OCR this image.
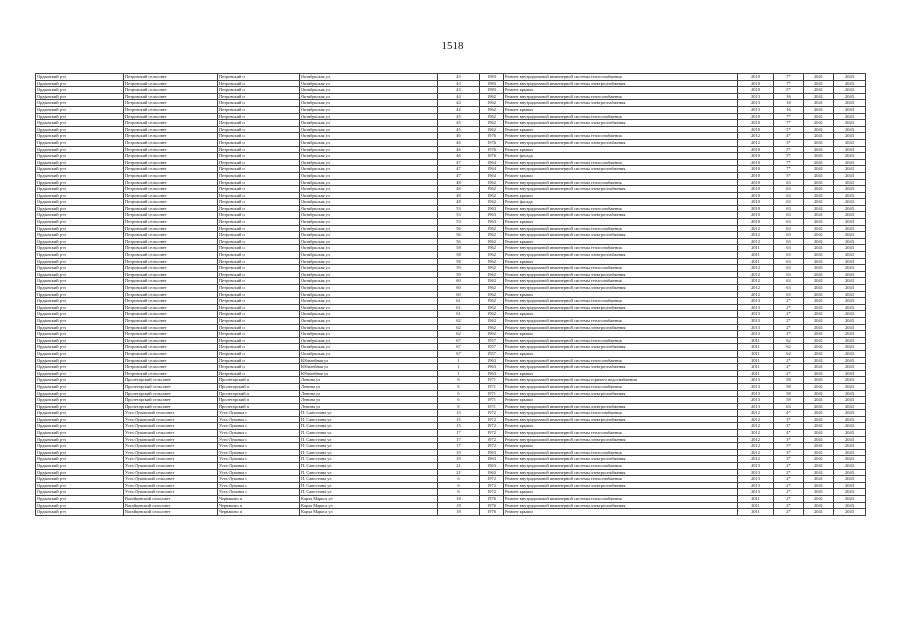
1518
Ордынский р-н	Петровский сельсовет	Петровский п	Октябрьская ул	43	1983	Ремонт внутридомовой инженерной системы теплоснабжения	2010	7*	2041	2043
Ордынский р-н	Петровский сельсовет	Петровский п	Октябрьская ул	43	1983	Ремонт внутридомовой инженерной системы электроснабжения	2010	7*	2041	2043
Ордынский р-н	Петровский сельсовет	Петровский п	Октябрьская ул	43	1983	Ремонт крыши	2010	5*	2041	2043
Ордынский р-н	Петровский сельсовет	Петровский п	Октябрьская ул	44	1962	Ремонт внутридомовой инженерной системы теплоснабжения	2013	16	2041	2043
Ордынский р-н	Петровский сельсовет	Петровский п	Октябрьская ул	44	1962	Ремонт внутридомовой инженерной системы электроснабжения	2013	18	2041	2043
Ордынский р-н	Петровский сельсовет	Петровский п	Октябрьская ул	44	1962	Ремонт крыши	2013	16	2041	2043
Ордынский р-н	Петровский сельсовет	Петровский п	Октябрьская ул	45	1962	Ремонт внутридомовой инженерной системы теплоснабжения	2010	7*	2041	2043
Ордынский р-н	Петровский сельсовет	Петровский п	Октябрьская ул	45	1962	Ремонт внутридомовой инженерной системы электроснабжения	2010	7*	2041	2043
Ордынский р-н	Петровский сельсовет	Петровский п	Октябрьская ул	45	1962	Ремонт крыши	2010	5*	2041	2043
Ордынский р-н	Петровский сельсовет	Петровский п	Октябрьская ул	46	1976	Ремонт внутридомовой инженерной системы теплоснабжения	2012	4*	2041	2043
Ордынский р-н	Петровский сельсовет	Петровский п	Октябрьская ул	46	1976	Ремонт внутридомовой инженерной системы электроснабжения	2012	3*	2041	2043
Ордынский р-н	Петровский сельсовет	Петровский п	Октябрьская ул	46	1976	Ремонт крыши	2010	5*	2041	2043
Ордынский р-н	Петровский сельсовет	Петровский п	Октябрьская ул	46	1976	Ремонт фасада	2010	5*	2041	2043
Ордынский р-н	Петровский сельсовет	Петровский п	Октябрьская ул	47	1964	Ремонт внутридомовой инженерной системы теплоснабжения	2010	7*	2041	2043
Ордынский р-н	Петровский сельсовет	Петровский п	Октябрьская ул	47	1964	Ремонт внутридомовой инженерной системы электроснабжения	2010	7*	2041	2043
Ордынский р-н	Петровский сельсовет	Петровский п	Октябрьская ул	47	1964	Ремонт крыши	2010	5*	2041	2043
Ордынский р-н	Петровский сельсовет	Петровский п	Октябрьская ул	48	1962	Ремонт внутридомовой инженерной системы теплоснабжения	2010	63	2041	2043
Ордынский р-н	Петровский сельсовет	Петровский п	Октябрьская ул	48	1962	Ремонт внутридомовой инженерной системы электроснабжения	2010	63	2041	2043
Ордынский р-н	Петровский сельсовет	Петровский п	Октябрьская ул	48	1962	Ремонт крыши	2010	63	2041	2043
Ордынский р-н	Петровский сельсовет	Петровский п	Октябрьская ул	48	1962	Ремонт фасада	2010	63	2041	2043
Ордынский р-н	Петровский сельсовет	Петровский п	Октябрьская ул	53	1963	Ремонт внутридомовой инженерной системы теплоснабжения	2010	63	2041	2043
Ордынский р-н	Петровский сельсовет	Петровский п	Октябрьская ул	53	1963	Ремонт внутридомовой инженерной системы электроснабжения	2010	63	2041	2043
Ордынский р-н	Петровский сельсовет	Петровский п	Октябрьская ул	53	1963	Ремонт крыши	2010	63	2041	2043
Ордынский р-н	Петровский сельсовет	Петровский п	Октябрьская ул	56	1962	Ремонт внутридомовой инженерной системы теплоснабжения	2012	63	2041	2043
Ордынский р-н	Петровский сельсовет	Петровский п	Октябрьская ул	56	1962	Ремонт внутридомовой инженерной системы электроснабжения	2012	63	2041	2043
Ордынский р-н	Петровский сельсовет	Петровский п	Октябрьская ул	56	1962	Ремонт крыши	2012	63	2041	2043
Ордынский р-н	Петровский сельсовет	Петровский п	Октябрьская ул	58	1962	Ремонт внутридомовой инженерной системы теплоснабжения	2011	63	2041	2043
Ордынский р-н	Петровский сельсовет	Петровский п	Октябрьская ул	58	1962	Ремонт внутридомовой инженерной системы электроснабжения	2011	63	2041	2043
Ордынский р-н	Петровский сельсовет	Петровский п	Октябрьская ул	58	1962	Ремонт крыши	2011	63	2041	2043
Ордынский р-н	Петровский сельсовет	Петровский п	Октябрьская ул	59	1962	Ремонт внутридомовой инженерной системы теплоснабжения	2012	63	2041	2043
Ордынский р-н	Петровский сельсовет	Петровский п	Октябрьская ул	59	1962	Ремонт внутридомовой инженерной системы электроснабжения	2012	63	2041	2043
Ордынский р-н	Петровский сельсовет	Петровский п	Октябрьская ул	60	1962	Ремонт внутридомовой инженерной системы теплоснабжения	2012	63	2041	2043
Ордынский р-н	Петровский сельсовет	Петровский п	Октябрьская ул	60	1962	Ремонт внутридомовой инженерной системы электроснабжения	2012	63	2041	2043
Ордынский р-н	Петровский сельсовет	Петровский п	Октябрьская ул	60	1962	Ремонт крыши	2012	63	2041	2043
Ордынский р-н	Петровский сельсовет	Петровский п	Октябрьская ул	61	1962	Ремонт внутридомовой инженерной системы теплоснабжения	2013	2*	2041	2043
Ордынский р-н	Петровский сельсовет	Петровский п	Октябрьская ул	61	1962	Ремонт внутридомовой инженерной системы электроснабжения	2013	2*	2041	2043
Ордынский р-н	Петровский сельсовет	Петровский п	Октябрьская ул	61	1962	Ремонт крыши	2013	2*	2041	2043
Ордынский р-н	Петровский сельсовет	Петровский п	Октябрьская ул	62	1962	Ремонт внутридомовой инженерной системы теплоснабжения	2013	2*	2041	2043
Ордынский р-н	Петровский сельсовет	Петровский п	Октябрьская ул	62	1962	Ремонт внутридомовой инженерной системы электроснабжения	2013	2*	2041	2043
Ордынский р-н	Петровский сельсовет	Петровский п	Октябрьская ул	62	1962	Ремонт крыши	2013	2*	2041	2043
Ордынский р-н	Петровский сельсовет	Петровский п	Октябрьская ул	67	1957	Ремонт внутридомовой инженерной системы теплоснабжения	2011	62	2041	2043
Ордынский р-н	Петровский сельсовет	Петровский п	Октябрьская ул	67	1957	Ремонт внутридомовой инженерной системы электроснабжения	2011	62	2041	2043
Ордынский р-н	Петровский сельсовет	Петровский п	Октябрьская ул	67	1957	Ремонт крыши	2011	62	2041	2043
Ордынский р-н	Петровский сельсовет	Петровский п	Юбилейная ул	1	1963	Ремонт внутридомовой инженерной системы теплоснабжения	2011	2*	2041	2043
Ордынский р-н	Петровский сельсовет	Петровский п	Юбилейная ул	1	1963	Ремонт внутридомовой инженерной системы электроснабжения	2011	2*	2041	2043
Ордынский р-н	Петровский сельсовет	Петровский п	Юбилейная ул	1	1963	Ремонт крыши	2011	2*	2041	2043
Ордынский р-н	Пролетарский сельсовет	Пролетарский п	Ленина ул	6	1971	Ремонт внутридомовой инженерной системы горячего водоснабжения	2013	58	2041	2043
Ордынский р-н	Пролетарский сельсовет	Пролетарский п	Ленина ул	6	1971	Ремонт внутридомовой инженерной системы теплоснабжения	2013	58	2041	2043
Ордынский р-н	Пролетарский сельсовет	Пролетарский п	Ленина ул	6	1971	Ремонт внутридомовой инженерной системы электроснабжения	2013	58	2041	2043
Ордынский р-н	Пролетарский сельсовет	Пролетарский п	Ленина ул	6	1971	Ремонт крыши	2013	58	2041	2043
Ордынский р-н	Пролетарский сельсовет	Пролетарский п	Ленина ул	8	1971	Ремонт внутридомовой инженерной системы электроснабжения	2013	63	2041	2043
Ордынский р-н	Усть-Луковский сельсовет	Усть-Луковка с	П. Савостина ул	15	1972	Ремонт внутридомовой инженерной системы теплоснабжения	2012	4*	2041	2043
Ордынский р-н	Усть-Луковский сельсовет	Усть-Луковка с	П. Савостина ул	15	1972	Ремонт внутридомовой инженерной системы электроснабжения	2012	3*	2041	2043
Ордынский р-н	Усть-Луковский сельсовет	Усть-Луковка с	П. Савостина ул	15	1972	Ремонт крыши	2012	3*	2041	2043
Ордынский р-н	Усть-Луковский сельсовет	Усть-Луковка с	П. Савостина ул	17	1972	Ремонт внутридомовой инженерной системы теплоснабжения	2012	4*	2041	2043
Ордынский р-н	Усть-Луковский сельсовет	Усть-Луковка с	П. Савостина ул	17	1972	Ремонт внутридомовой инженерной системы электроснабжения	2012	3*	2041	2043
Ордынский р-н	Усть-Луковский сельсовет	Усть-Луковка с	П. Савостина ул	17	1972	Ремонт крыши	2012	5*	2041	2043
Ордынский р-н	Усть-Луковский сельсовет	Усть-Луковка с	П. Савостина ул	19	1963	Ремонт внутридомовой инженерной системы теплоснабжения	2012	3*	2041	2043
Ордынский р-н	Усть-Луковский сельсовет	Усть-Луковка с	П. Савостина ул	19	1963	Ремонт внутридомовой инженерной системы электроснабжения	2012	3*	2041	2043
Ордынский р-н	Усть-Луковский сельсовет	Усть-Луковка с	П. Савостина ул	21	1963	Ремонт внутридомовой инженерной системы теплоснабжения	2013	2*	2041	2043
Ордынский р-н	Усть-Луковский сельсовет	Усть-Луковка с	П. Савостина ул	21	1963	Ремонт внутридомовой инженерной системы электроснабжения	2013	2*	2041	2043
Ордынский р-н	Усть-Луковский сельсовет	Усть-Луковка с	П. Савостина ул	6	1972	Ремонт внутридомовой инженерной системы теплоснабжения	2013	2*	2041	2043
Ордынский р-н	Усть-Луковский сельсовет	Усть-Луковка с	П. Савостина ул	6	1972	Ремонт внутридомовой инженерной системы электроснабжения	2013	2*	2041	2043
Ордынский р-н	Усть-Луковский сельсовет	Усть-Луковка с	П. Савостина ул	6	1972	Ремонт крыши	2013	2*	2041	2043
Ордынский р-н	Вагайцевский сельсовет	Чернаково п	Карла Маркса ул	18	1976	Ремонт внутридомовой инженерной системы теплоснабжения	2011	2*	2041	2043
Ордынский р-н	Вагайцевский сельсовет	Чернаково п	Карла Маркса ул	18	1976	Ремонт внутридомовой инженерной системы электроснабжения	2011	2*	2041	2043
Ордынский р-н	Вагайцевский сельсовет	Чернаково п	Карла Маркса ул	18	1976	Ремонт крыши	2011	2*	2041	2043
